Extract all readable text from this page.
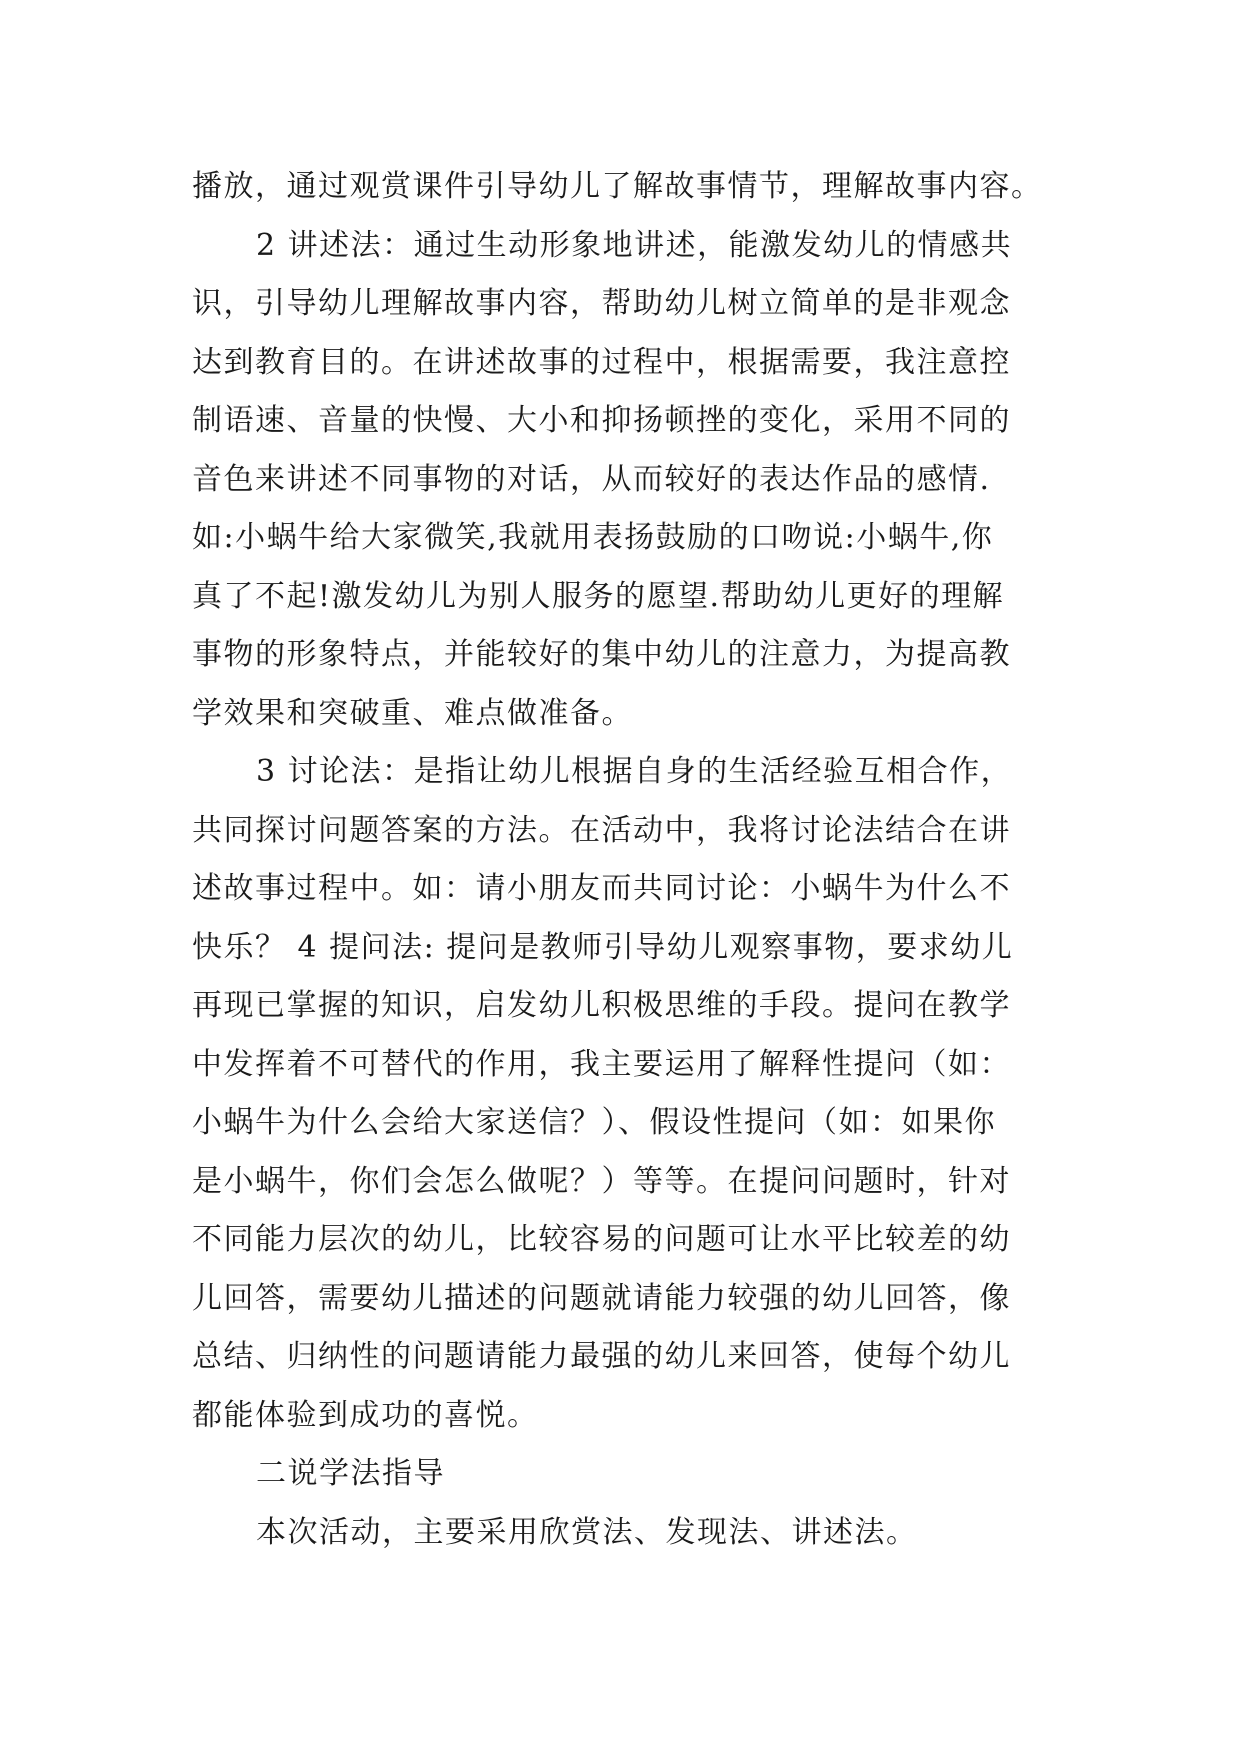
播放，通过观赏课件引导幼儿了解故事情节，理解故事内容。
2 讲述法：通过生动形象地讲述，能激发幼儿的情感共
识，引导幼儿理解故事内容，帮助幼儿树立简单的是非观念
达到教育目的。在讲述故事的过程中，根据需要，我注意控
制语速、音量的快慢、大小和抑扬顿挫的变化，采用不同的
音色来讲述不同事物的对话，从而较好的表达作品的感情.
如:小蜗牛给大家微笑,我就用表扬鼓励的口吻说:小蜗牛,你
真了不起!激发幼儿为别人服务的愿望.帮助幼儿更好的理解
事物的形象特点，并能较好的集中幼儿的注意力，为提高教
学效果和突破重、难点做准备。
3 讨论法：是指让幼儿根据自身的生活经验互相合作，
共同探讨问题答案的方法。在活动中，我将讨论法结合在讲
述故事过程中。如：请小朋友而共同讨论：小蜗牛为什么不
快乐？ 4 提问法: 提问是教师引导幼儿观察事物，要求幼儿
再现已掌握的知识，启发幼儿积极思维的手段。提问在教学
中发挥着不可替代的作用，我主要运用了解释性提问（如：
小蜗牛为什么会给大家送信？）、假设性提问（如：如果你
是小蜗牛，你们会怎么做呢？）等等。在提问问题时，针对
不同能力层次的幼儿，比较容易的问题可让水平比较差的幼
儿回答，需要幼儿描述的问题就请能力较强的幼儿回答，像
总结、归纳性的问题请能力最强的幼儿来回答，使每个幼儿
都能体验到成功的喜悦。
二说学法指导
本次活动，主要采用欣赏法、发现法、讲述法。
